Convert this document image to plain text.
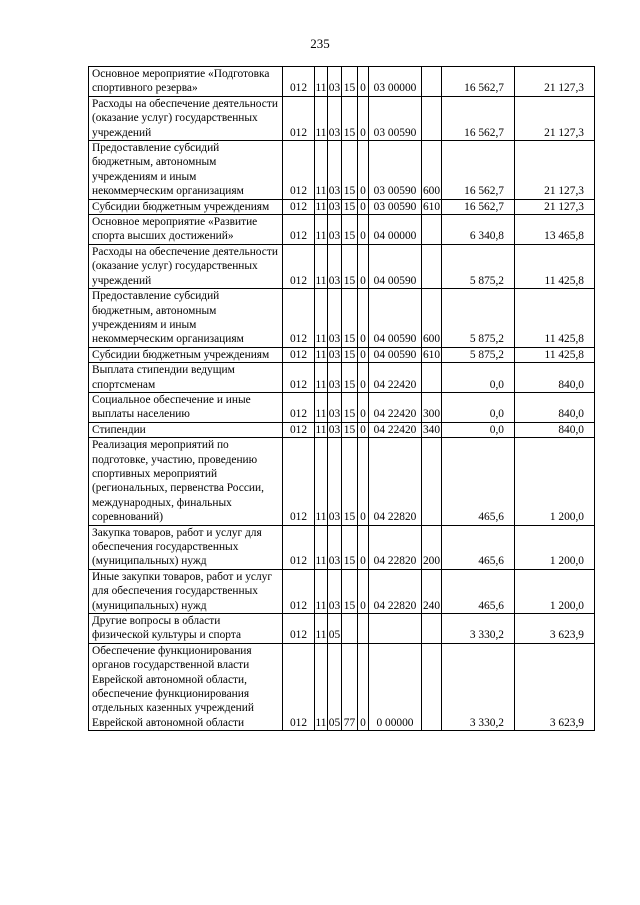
235
Основное мероприятие «Подготовка спортивного резерва»	012	11	03	15	0	03 00000		16 562,7	21 127,3
Расходы на обеспечение деятельности (оказание услуг) государственных учреждений	012	11	03	15	0	03 00590		16 562,7	21 127,3
Предоставление субсидий бюджетным, автономным учреждениям и иным некоммерческим организациям	012	11	03	15	0	03 00590	600	16 562,7	21 127,3
Субсидии бюджетным учреждениям	012	11	03	15	0	03 00590	610	16 562,7	21 127,3
Основное мероприятие «Развитие спорта высших достижений»	012	11	03	15	0	04 00000		6 340,8	13 465,8
Расходы на обеспечение деятельности (оказание услуг) государственных учреждений	012	11	03	15	0	04 00590		5 875,2	11 425,8
Предоставление субсидий бюджетным, автономным учреждениям и иным некоммерческим организациям	012	11	03	15	0	04 00590	600	5 875,2	11 425,8
Субсидии бюджетным учреждениям	012	11	03	15	0	04 00590	610	5 875,2	11 425,8
Выплата стипендии ведущим спортсменам	012	11	03	15	0	04 22420		0,0	840,0
Социальное обеспечение и иные выплаты населению	012	11	03	15	0	04 22420	300	0,0	840,0
Стипендии	012	11	03	15	0	04 22420	340	0,0	840,0
Реализация мероприятий по подготовке, участию, проведению спортивных мероприятий (региональных, первенства России, международных, финальных соревнований)	012	11	03	15	0	04 22820		465,6	1 200,0
Закупка товаров, работ и услуг для обеспечения государственных (муниципальных) нужд	012	11	03	15	0	04 22820	200	465,6	1 200,0
Иные закупки товаров, работ и услуг для обеспечения государственных (муниципальных) нужд	012	11	03	15	0	04 22820	240	465,6	1 200,0
Другие вопросы в области физической культуры и спорта	012	11	05					3 330,2	3 623,9
Обеспечение функционирования органов государственной власти Еврейской автономной области, обеспечение функционирования отдельных казенных учреждений Еврейской автономной области	012	11	05	77	0	0 00000		3 330,2	3 623,9
